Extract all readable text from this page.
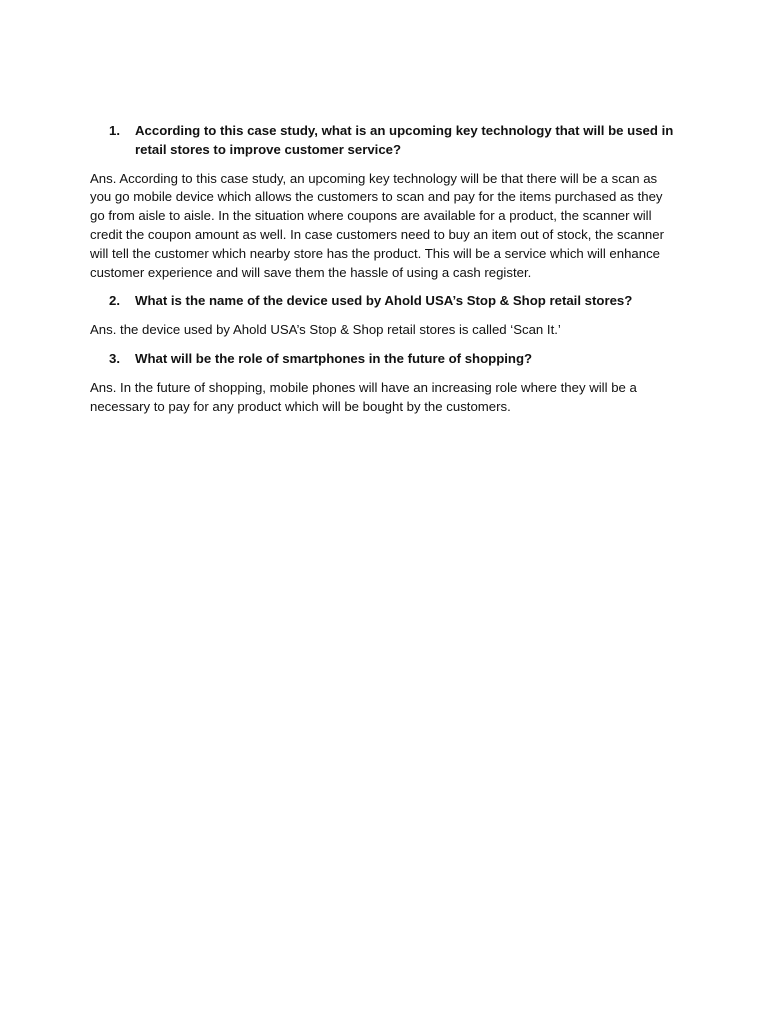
1.	According to this case study, what is an upcoming key technology that will be used in retail stores to improve customer service?

Ans. According to this case study, an upcoming key technology will be that there will be a scan as you go mobile device which allows the customers to scan and pay for the items purchased as they go from aisle to aisle. In the situation where coupons are available for a product, the scanner will credit the coupon amount as well. In case customers need to buy an item out of stock, the scanner will tell the customer which nearby store has the product. This will be a service which will enhance customer experience and will save them the hassle of using a cash register.

2.	What is the name of the device used by Ahold USA’s Stop & Shop retail stores?

Ans. the device used by Ahold USA’s Stop & Shop retail stores is called ‘Scan It.’

3.	What will be the role of smartphones in the future of shopping?

Ans. In the future of shopping, mobile phones will have an increasing role where they will be a necessary to pay for any product which will be bought by the customers.
